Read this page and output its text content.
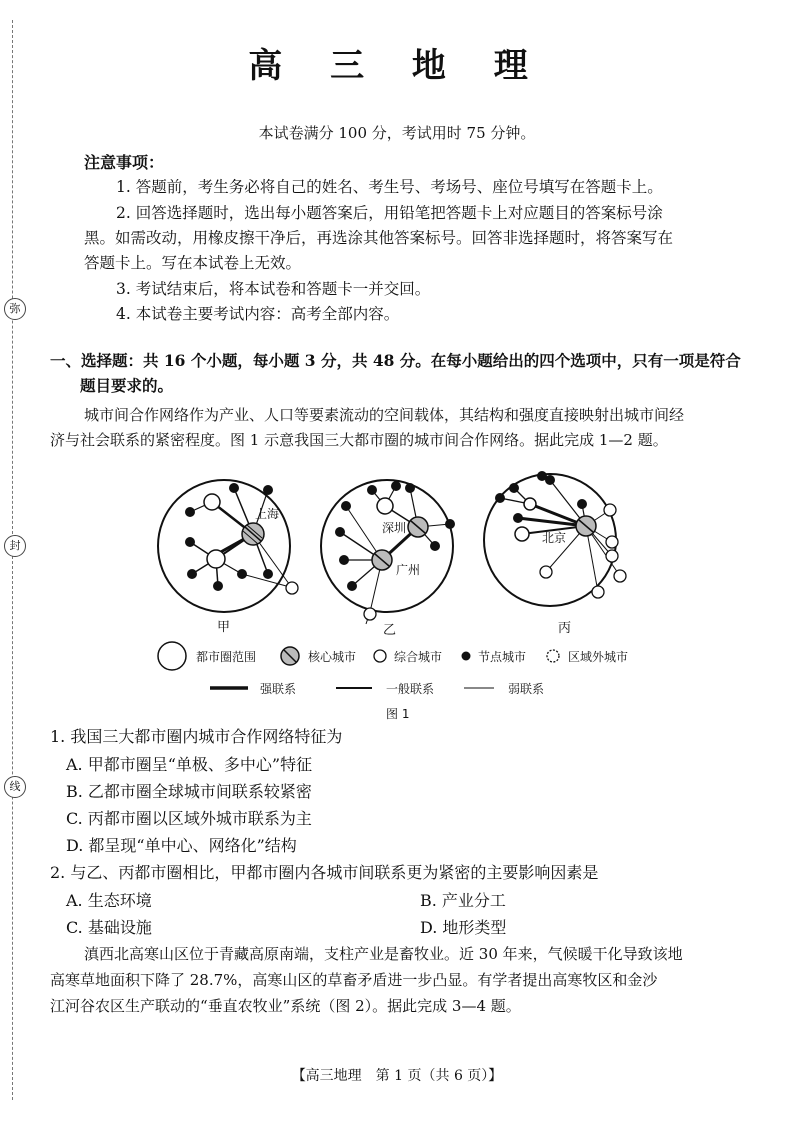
弥
封
线
高 三 地 理
本试卷满分 100 分，考试用时 75 分钟。
注意事项：
1. 答题前，考生务必将自己的姓名、考生号、考场号、座位号填写在答题卡上。
2. 回答选择题时，选出每小题答案后，用铅笔把答题卡上对应题目的答案标号涂
黑。如需改动，用橡皮擦干净后，再选涂其他答案标号。回答非选择题时，将答案写在
答题卡上。写在本试卷上无效。
3. 考试结束后，将本试卷和答题卡一并交回。
4. 本试卷主要考试内容：高考全部内容。
一、选择题：共 16 个小题，每小题 3 分，共 48 分。在每小题给出的四个选项中，只有一项是符合
题目要求的。
城市间合作网络作为产业、人口等要素流动的空间载体，其结构和强度直接映射出城市间经
济与社会联系的紧密程度。图 1 示意我国三大都市圈的城市间合作网络。据此完成 1—2 题。
上海
甲
深圳
广州
乙
北京
丙
都市圈范围	核心城市	综合城市	节点城市	区域外城市
强联系	一般联系	弱联系
图 1
1. 我国三大都市圈内城市合作网络特征为
A. 甲都市圈呈“单极、多中心”特征
B. 乙都市圈全球城市间联系较紧密
C. 丙都市圈以区域外城市联系为主
D. 都呈现“单中心、网络化”结构
2. 与乙、丙都市圈相比，甲都市圈内各城市间联系更为紧密的主要影响因素是
A. 生态环境	B. 产业分工
C. 基础设施	D. 地形类型
滇西北高寒山区位于青藏高原南端，支柱产业是畜牧业。近 30 年来，气候暖干化导致该地
高寒草地面积下降了 28.7%，高寒山区的草畜矛盾进一步凸显。有学者提出高寒牧区和金沙
江河谷农区生产联动的“垂直农牧业”系统（图 2）。据此完成 3—4 题。
【高三地理　第 1 页（共 6 页）】
